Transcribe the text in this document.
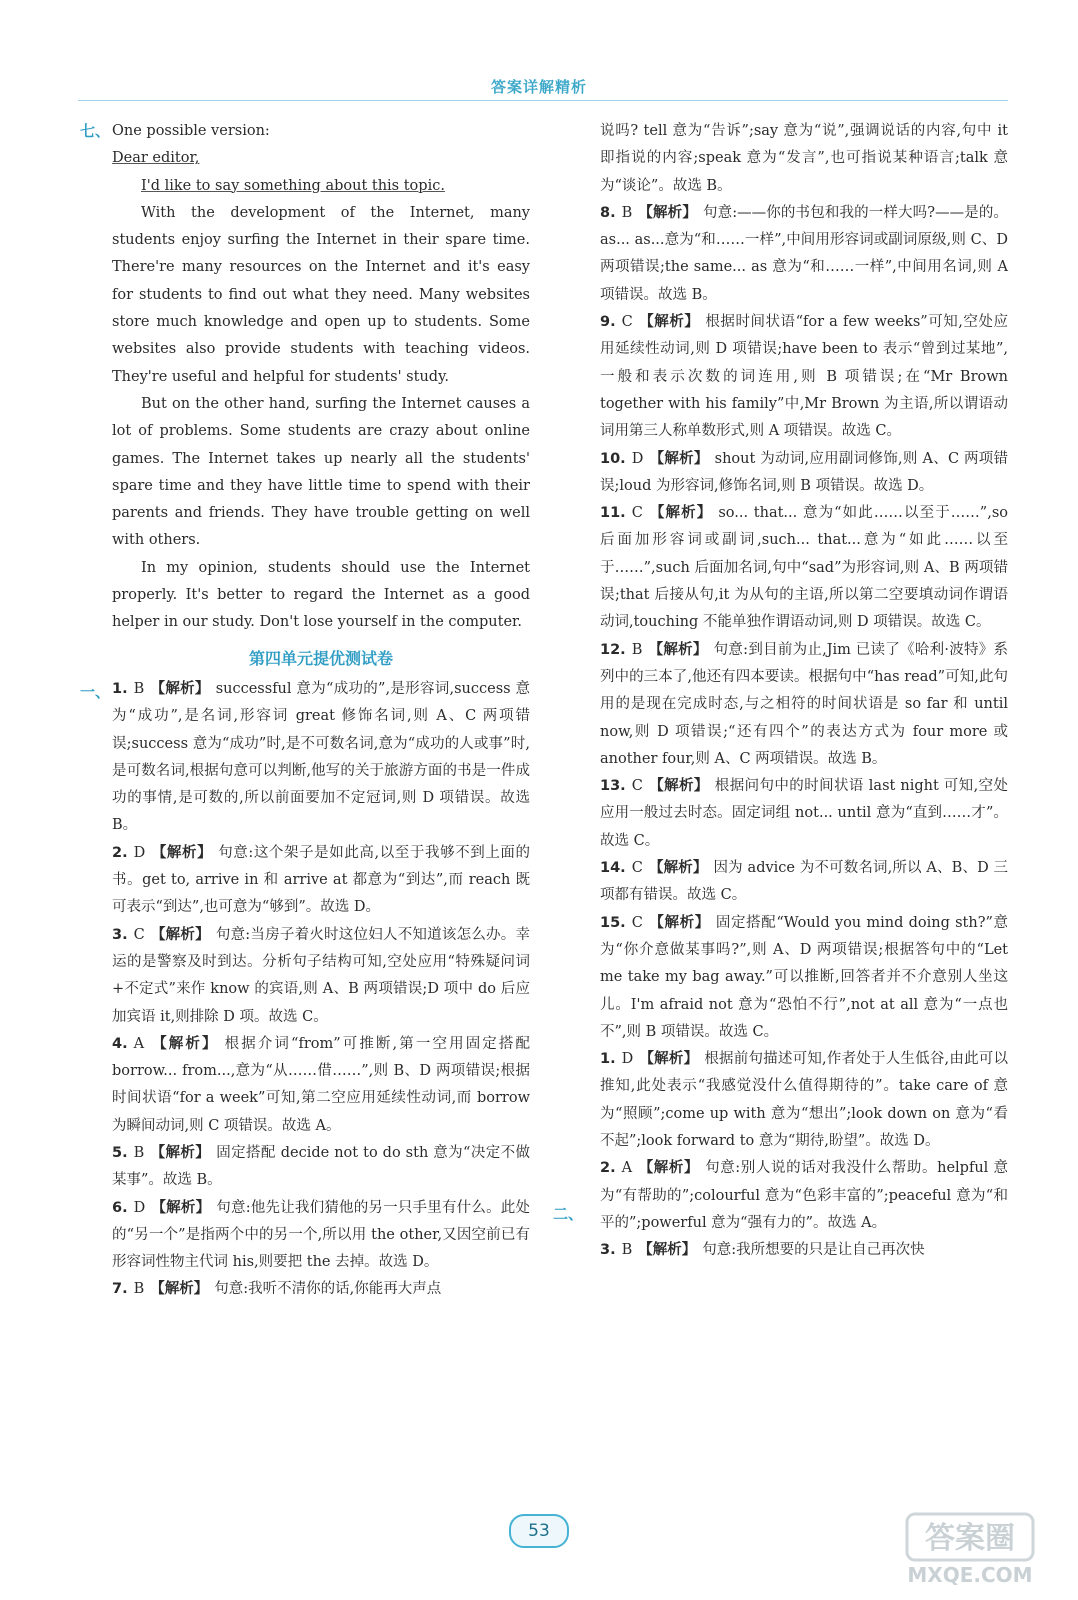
答案详解精析
七、 One possible version:

Dear editor,

I'd like to say something about this topic.

With the development of the Internet, many students enjoy surfing the Internet in their spare time. There're many resources on the Internet and it's easy for students to find out what they need. Many websites store much knowledge and open up to students. Some websites also provide students with teaching videos. They're useful and helpful for students' study.

But on the other hand, surfing the Internet causes a lot of problems. Some students are crazy about online games. The Internet takes up nearly all the students' spare time and they have little time to spend with their parents and friends. They have trouble getting on well with others.

In my opinion, students should use the Internet properly. It's better to regard the Internet as a good helper in our study. Don't lose yourself in the computer.

第四单元提优测试卷

1. B 【解析】 successful 意为“成功的”,是形容词,success 意为“成功”,是名词,形容词 great 修饰名词,则 A、C 两项错误;success 意为“成功”时,是不可数名词,意为“成功的人或事”时,是可数名词,根据句意可以判断,他写的关于旅游方面的书是一件成功的事情,是可数的,所以前面要加不定冠词,则 D 项错误。故选 B。

2. D 【解析】 句意:这个架子是如此高,以至于我够不到上面的书。get to, arrive in 和 arrive at 都意为“到达”,而 reach 既可表示“到达”,也可意为“够到”。故选 D。

3. C 【解析】 句意:当房子着火时这位妇人不知道该怎么办。幸运的是警察及时到达。分析句子结构可知,空处应用“特殊疑问词+不定式”来作 know 的宾语,则 A、B 两项错误;D 项中 do 后应加宾语 it,则排除 D 项。故选 C。

4. A 【解析】 根据介词“from”可推断,第一空用固定搭配 borrow... from...,意为“从……借……”,则 B、D 两项错误;根据时间状语“for a week”可知,第二空应用延续性动词,而 borrow 为瞬间动词,则 C 项错误。故选 A。

5. B 【解析】 固定搭配 decide not to do sth 意为“决定不做某事”。故选 B。

6. D 【解析】 句意:他先让我们猜他的另一只手里有什么。此处的“另一个”是指两个中的另一个,所以用 the other,又因空前已有形容词性物主代词 his,则要把 the 去掉。故选 D。

7. B 【解析】 句意:我听不清你的话,你能再大声点

一、

说吗? tell 意为“告诉”;say 意为“说”,强调说话的内容,句中 it 即指说的内容;speak 意为“发言”,也可指说某种语言;talk 意为“谈论”。故选 B。

8. B 【解析】 句意:——你的书包和我的一样大吗?——是的。as... as...意为“和……一样”,中间用形容词或副词原级,则 C、D 两项错误;the same... as 意为“和……一样”,中间用名词,则 A 项错误。故选 B。

9. C 【解析】 根据时间状语“for a few weeks”可知,空处应用延续性动词,则 D 项错误;have been to 表示“曾到过某地”,一般和表示次数的词连用,则 B 项错误;在“Mr Brown together with his family”中,Mr Brown 为主语,所以谓语动词用第三人称单数形式,则 A 项错误。故选 C。

10. D 【解析】 shout 为动词,应用副词修饰,则 A、C 两项错误;loud 为形容词,修饰名词,则 B 项错误。故选 D。

11. C 【解析】 so... that... 意为“如此……以至于……”,so 后面加形容词或副词,such... that...意为“如此……以至于……”,such 后面加名词,句中“sad”为形容词,则 A、B 两项错误;that 后接从句,it 为从句的主语,所以第二空要填动词作谓语动词,touching 不能单独作谓语动词,则 D 项错误。故选 C。

12. B 【解析】 句意:到目前为止,Jim 已读了《哈利·波特》系列中的三本了,他还有四本要读。根据句中“has read”可知,此句用的是现在完成时态,与之相符的时间状语是 so far 和 until now,则 D 项错误;“还有四个”的表达方式为 four more 或 another four,则 A、C 两项错误。故选 B。

13. C 【解析】 根据问句中的时间状语 last night 可知,空处应用一般过去时态。固定词组 not... until 意为“直到……才”。故选 C。

14. C 【解析】 因为 advice 为不可数名词,所以 A、B、D 三项都有错误。故选 C。

15. C 【解析】 固定搭配“Would you mind doing sth?”意为“你介意做某事吗?”,则 A、D 两项错误;根据答句中的“Let me take my bag away.”可以推断,回答者并不介意别人坐这儿。I'm afraid not 意为“恐怕不行”,not at all 意为“一点也不”,则 B 项错误。故选 C。

1. D 【解析】 根据前句描述可知,作者处于人生低谷,由此可以推知,此处表示“我感觉没什么值得期待的”。take care of 意为“照顾”;come up with 意为“想出”;look down on 意为“看不起”;look forward to 意为“期待,盼望”。故选 D。

2. A 【解析】 句意:别人说的话对我没什么帮助。helpful 意为“有帮助的”;colourful 意为“色彩丰富的”;peaceful 意为“和平的”;powerful 意为“强有力的”。故选 A。

3. B 【解析】 句意:我所想要的只是让自己再次快

二、
53	答案圈
MXQE.COM
